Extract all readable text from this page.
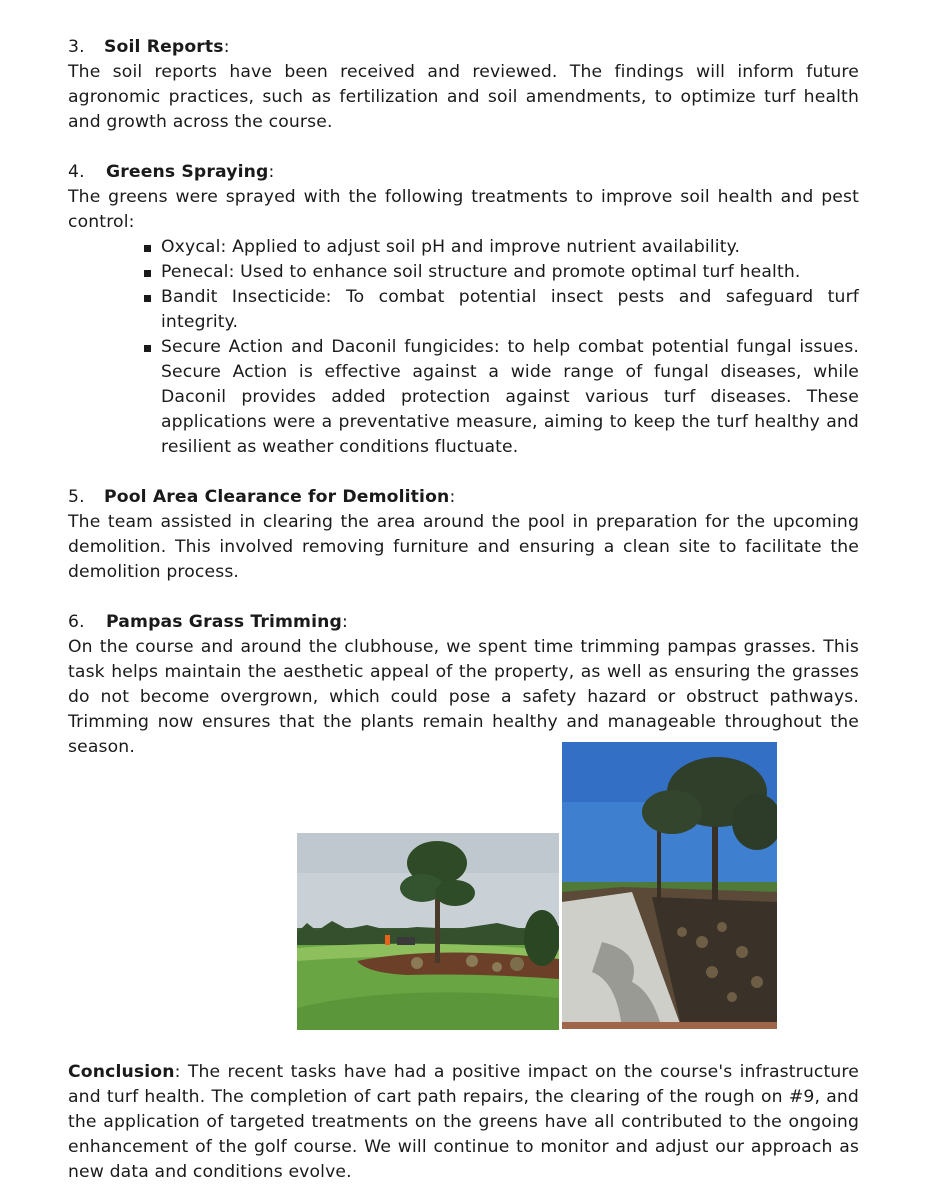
3. Soil Reports:

The soil reports have been received and reviewed. The findings will inform future agronomic practices, such as fertilization and soil amendments, to optimize turf health and growth across the course.

4. Greens Spraying:

The greens were sprayed with the following treatments to improve soil health and pest control:

Oxycal: Applied to adjust soil pH and improve nutrient availability.
Penecal: Used to enhance soil structure and promote optimal turf health.
Bandit Insecticide: To combat potential insect pests and safeguard turf integrity.
Secure Action and Daconil fungicides: to help combat potential fungal issues. Secure Action is effective against a wide range of fungal diseases, while Daconil provides added protection against various turf diseases. These applications were a preventative measure, aiming to keep the turf healthy and resilient as weather conditions fluctuate.
5. Pool Area Clearance for Demolition:

The team assisted in clearing the area around the pool in preparation for the upcoming demolition. This involved removing furniture and ensuring a clean site to facilitate the demolition process.

6. Pampas Grass Trimming:

On the course and around the clubhouse, we spent time trimming pampas grasses. This task helps maintain the aesthetic appeal of the property, as well as ensuring the grasses do not become overgrown, which could pose a safety hazard or obstruct pathways. Trimming now ensures that the plants remain healthy and manageable throughout the season.

Conclusion: The recent tasks have had a positive impact on the course's infrastructure and turf health. The completion of cart path repairs, the clearing of the rough on #9, and the application of targeted treatments on the greens have all contributed to the ongoing enhancement of the golf course. We will continue to monitor and adjust our approach as new data and conditions evolve.
